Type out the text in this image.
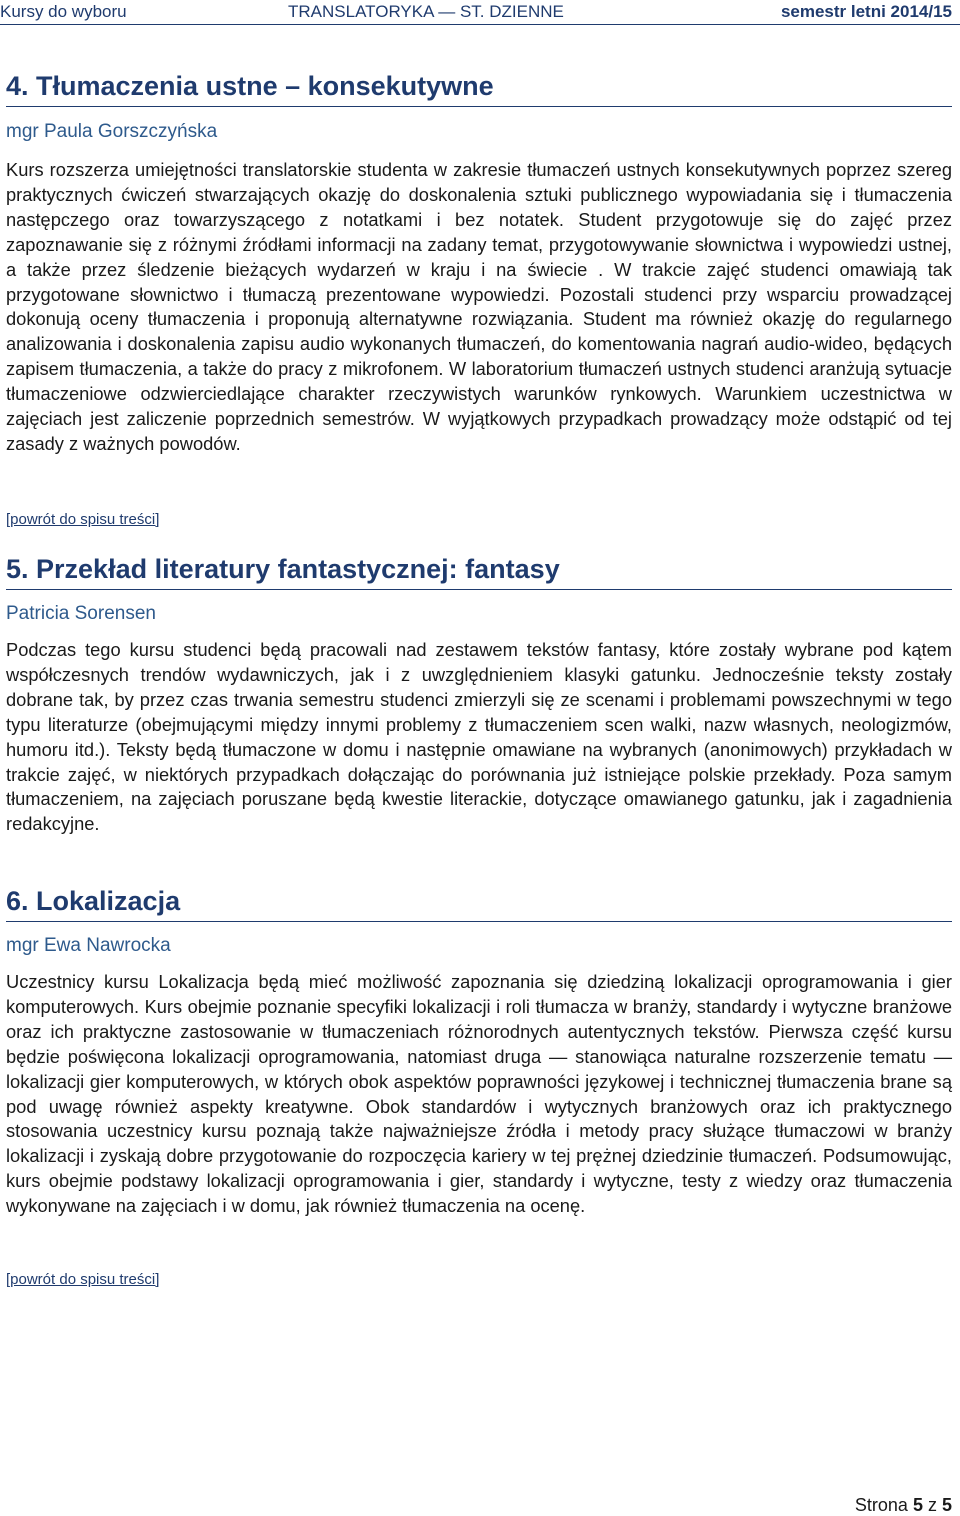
Kursy do wyboru	TRANSLATORYKA — ST. DZIENNE	semestr letni 2014/15
4. Tłumaczenia ustne – konsekutywne

mgr Paula Gorszczyńska

Kurs rozszerza umiejętności translatorskie studenta w zakresie tłumaczeń ustnych konsekutywnych poprzez szereg praktycznych ćwiczeń stwarzających okazję do doskonalenia sztuki publicznego wypowiadania się i tłumaczenia następczego oraz towarzyszącego z notatkami i bez notatek. Student przygotowuje się do zajęć przez zapoznawanie się z różnymi źródłami informacji na zadany temat, przygotowywanie słownictwa i wypowiedzi ustnej, a także przez śledzenie bieżących wydarzeń w kraju i na świecie . W trakcie zajęć studenci omawiają tak przygotowane słownictwo i tłumaczą prezentowane wypowiedzi. Pozostali studenci przy wsparciu prowadzącej dokonują oceny tłumaczenia i proponują alternatywne rozwiązania. Student ma również okazję do regularnego analizowania i doskonalenia zapisu audio wykonanych tłumaczeń, do komentowania nagrań audio-wideo, będących zapisem tłumaczenia, a także do pracy z mikrofonem. W laboratorium tłumaczeń ustnych studenci aranżują sytuacje tłumaczeniowe odzwierciedlające charakter rzeczywistych warunków rynkowych. Warunkiem uczestnictwa w zajęciach jest zaliczenie poprzednich semestrów. W wyjątkowych przypadkach prowadzący może odstąpić od tej zasady z ważnych powodów.

[powrót do spisu treści]
5. Przekład literatury fantastycznej: fantasy

Patricia Sorensen

Podczas tego kursu studenci będą pracowali nad zestawem tekstów fantasy, które zostały wybrane pod kątem współczesnych trendów wydawniczych, jak i z uwzględnieniem klasyki gatunku. Jednocześnie teksty zostały dobrane tak, by przez czas trwania semestru studenci zmierzyli się ze scenami i problemami powszechnymi w tego typu literaturze (obejmującymi między innymi problemy z tłumaczeniem scen walki, nazw własnych, neologizmów, humoru itd.). Teksty będą tłumaczone w domu i następnie omawiane na wybranych (anonimowych) przykładach w trakcie zajęć, w niektórych przypadkach dołączając do porównania już istniejące polskie przekłady. Poza samym tłumaczeniem, na zajęciach poruszane będą kwestie literackie, dotyczące omawianego gatunku, jak i zagadnienia redakcyjne.

6. Lokalizacja

mgr Ewa Nawrocka

Uczestnicy kursu Lokalizacja będą mieć możliwość zapoznania się dziedziną lokalizacji oprogramowania i gier komputerowych. Kurs obejmie poznanie specyfiki lokalizacji i roli tłumacza w branży, standardy i wytyczne branżowe oraz ich praktyczne zastosowanie w tłumaczeniach różnorodnych autentycznych tekstów. Pierwsza część kursu będzie poświęcona lokalizacji oprogramowania, natomiast druga — stanowiąca naturalne rozszerzenie tematu — lokalizacji gier komputerowych, w których obok aspektów poprawności językowej i technicznej tłumaczenia brane są pod uwagę również aspekty kreatywne. Obok standardów i wytycznych branżowych oraz ich praktycznego stosowania uczestnicy kursu poznają także najważniejsze źródła i metody pracy służące tłumaczowi w branży lokalizacji i zyskają dobre przygotowanie do rozpoczęcia kariery w tej prężnej dziedzinie tłumaczeń. Podsumowując, kurs obejmie podstawy lokalizacji oprogramowania i gier, standardy i wytyczne, testy z wiedzy oraz tłumaczenia wykonywane na zajęciach i w domu, jak również tłumaczenia na ocenę.

[powrót do spisu treści]
Strona 5 z 5
